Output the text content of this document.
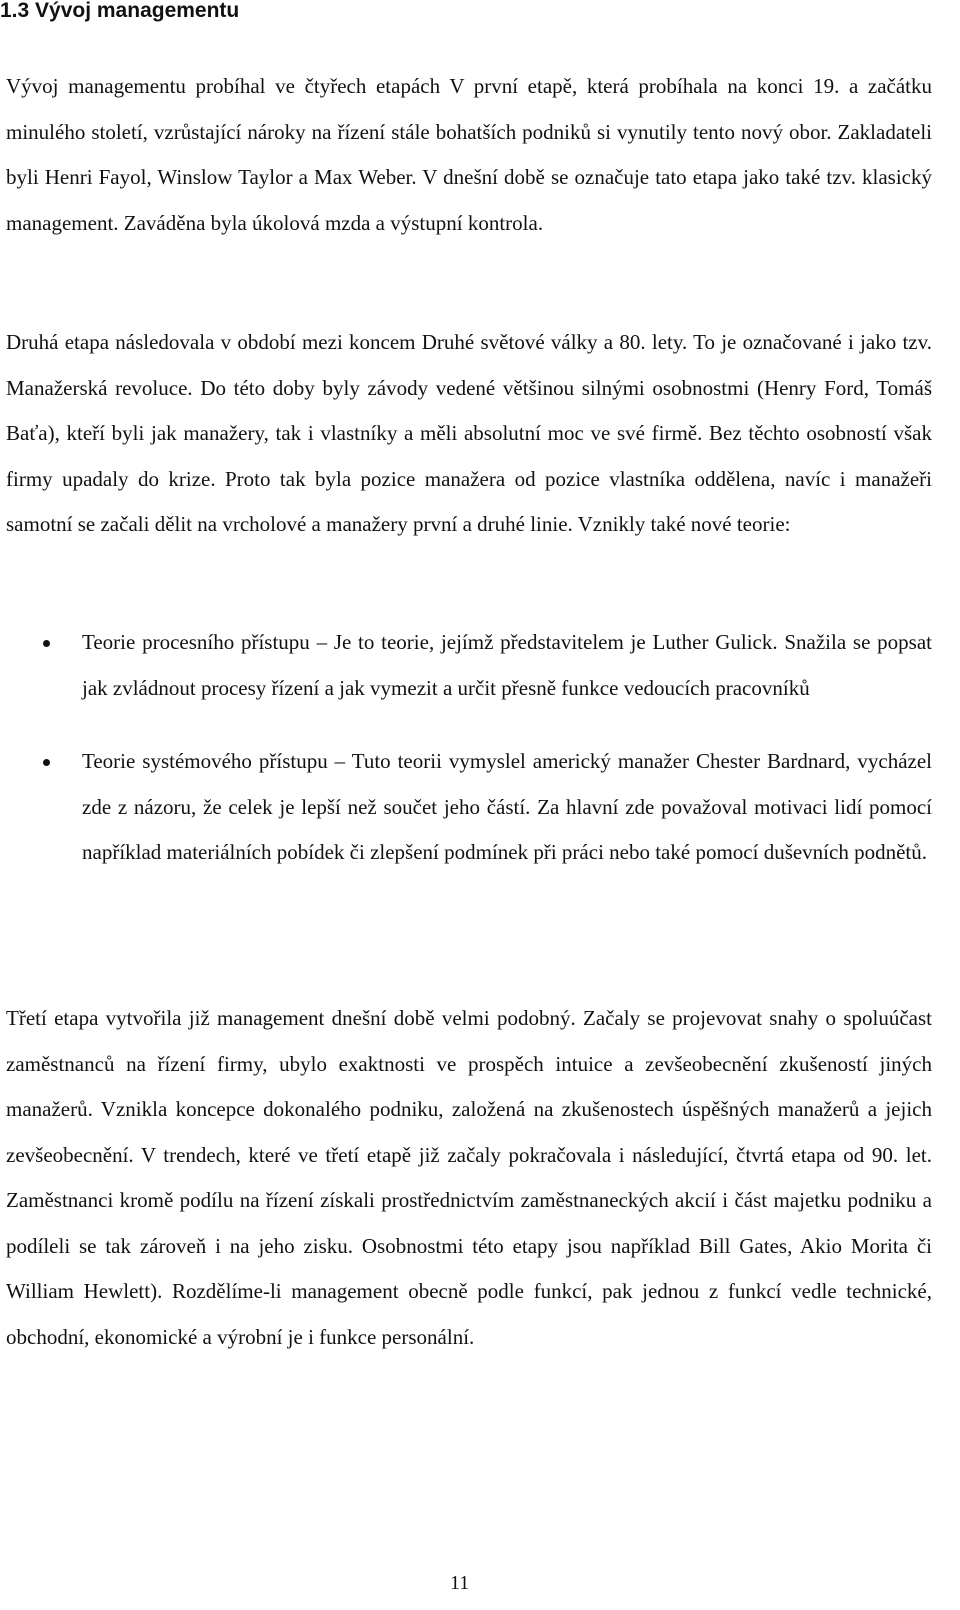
1.3 Vývoj managementu

Vývoj managementu probíhal ve čtyřech etapách V první etapě, která probíhala na konci 19. a začátku minulého století, vzrůstající nároky na řízení stále bohatších podniků si vynutily tento nový obor. Zakladateli byli Henri Fayol, Winslow Taylor a Max Weber. V dnešní době se označuje tato etapa jako také tzv. klasický management. Zaváděna byla úkolová mzda a výstupní kontrola.

Druhá etapa následovala v období mezi koncem Druhé světové války a 80. lety. To je označované i jako tzv. Manažerská revoluce. Do této doby byly závody vedené většinou silnými osobnostmi (Henry Ford, Tomáš Baťa), kteří byli jak manažery, tak i vlastníky a měli absolutní moc ve své firmě. Bez těchto osobností však firmy upadaly do krize. Proto tak byla pozice manažera od pozice vlastníka oddělena, navíc i manažeři samotní se začali dělit na vrcholové a manažery první a druhé linie. Vznikly také nové teorie:

Teorie procesního přístupu – Je to teorie, jejímž představitelem je Luther Gulick. Snažila se popsat jak zvládnout procesy řízení a jak vymezit a určit přesně funkce vedoucích pracovníků
Teorie systémového přístupu – Tuto teorii vymyslel americký manažer Chester Bardnard, vycházel zde z názoru, že celek je lepší než součet jeho částí. Za hlavní zde považoval motivaci lidí pomocí například materiálních pobídek či zlepšení podmínek při práci nebo také pomocí duševních podnětů.

Třetí etapa vytvořila již management dnešní době velmi podobný. Začaly se projevovat snahy o spoluúčast zaměstnanců na řízení firmy, ubylo exaktnosti ve prospěch intuice a zevšeobecnění zkušeností jiných manažerů. Vznikla koncepce dokonalého podniku, založená na zkušenostech úspěšných manažerů a jejich zevšeobecnění. V trendech, které ve třetí etapě již začaly pokračovala i následující, čtvrtá etapa od 90. let. Zaměstnanci kromě podílu na řízení získali prostřednictvím zaměstnaneckých akcií i část majetku podniku a podíleli se tak zároveň i na jeho zisku. Osobnostmi této etapy jsou například Bill Gates, Akio Morita či William Hewlett). Rozdělíme-li management obecně podle funkcí, pak jednou z funkcí vedle technické, obchodní, ekonomické a výrobní je i funkce personální.

11
